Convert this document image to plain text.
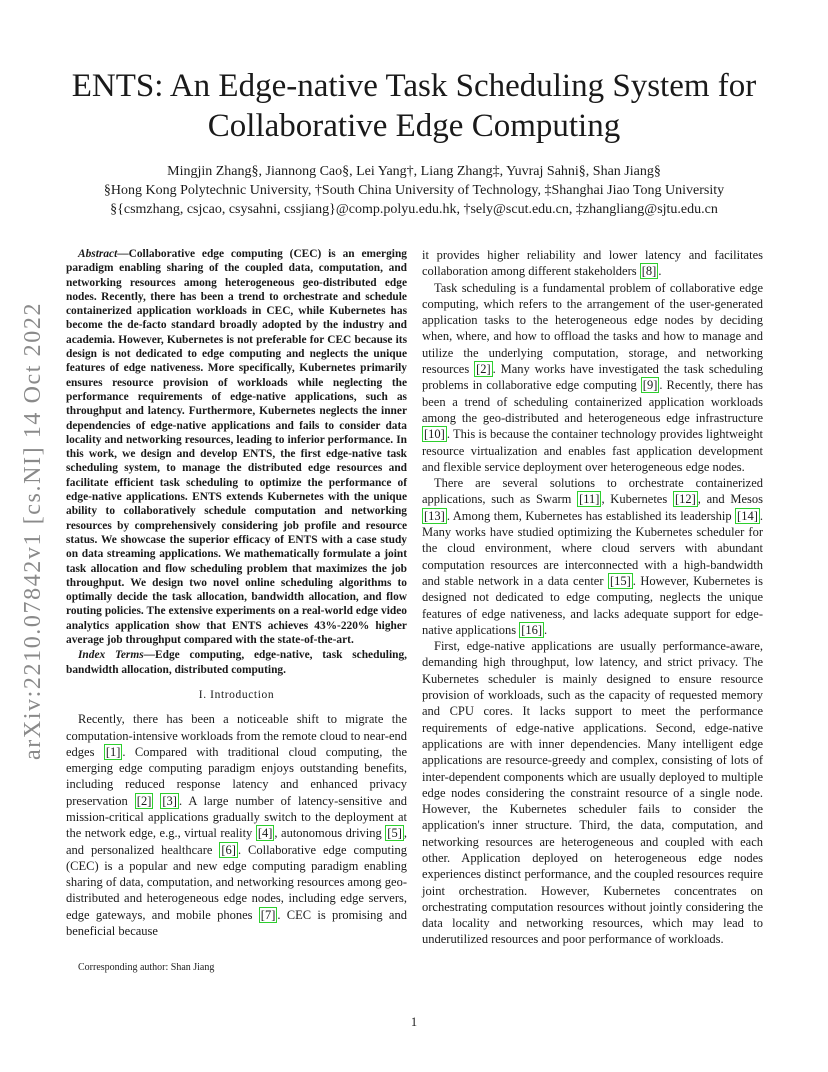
arXiv:2210.07842v1 [cs.NI] 14 Oct 2022
ENTS: An Edge-native Task Scheduling System for
Collaborative Edge Computing
Mingjin Zhang§, Jiannong Cao§, Lei Yang†, Liang Zhang‡, Yuvraj Sahni§, Shan Jiang§
§Hong Kong Polytechnic University, †South China University of Technology, ‡Shanghai Jiao Tong University
§{csmzhang, csjcao, csysahni, cssjiang}@comp.polyu.edu.hk, †sely@scut.edu.cn, ‡zhangliang@sjtu.edu.cn

Abstract—Collaborative edge computing (CEC) is an emerging paradigm enabling sharing of the coupled data, computation, and networking resources among heterogeneous geo-distributed edge nodes. Recently, there has been a trend to orchestrate and schedule containerized application workloads in CEC, while Kubernetes has become the de-facto standard broadly adopted by the industry and academia. However, Kubernetes is not preferable for CEC because its design is not dedicated to edge computing and neglects the unique features of edge nativeness. More specifically, Kubernetes primarily ensures resource provision of workloads while neglecting the performance requirements of edge-native applications, such as throughput and latency. Furthermore, Kubernetes neglects the inner dependencies of edge-native applications and fails to consider data locality and networking resources, leading to inferior performance. In this work, we design and develop ENTS, the first edge-native task scheduling system, to manage the distributed edge resources and facilitate efficient task scheduling to optimize the performance of edge-native applications. ENTS extends Kubernetes with the unique ability to collaboratively schedule computation and networking resources by comprehensively considering job profile and resource status. We showcase the superior efficacy of ENTS with a case study on data streaming applications. We mathematically formulate a joint task allocation and flow scheduling problem that maximizes the job throughput. We design two novel online scheduling algorithms to optimally decide the task allocation, bandwidth allocation, and flow routing policies. The extensive experiments on a real-world edge video analytics application show that ENTS achieves 43%-220% higher average job throughput compared with the state-of-the-art.

Index Terms—Edge computing, edge-native, task scheduling, bandwidth allocation, distributed computing.

I. Introduction

Recently, there has been a noticeable shift to migrate the computation-intensive workloads from the remote cloud to near-end edges [1] . Compared with traditional cloud computing, the emerging edge computing paradigm enjoys outstanding benefits, including reduced response latency and enhanced privacy preservation [2] [3] . A large number of latency-sensitive and mission-critical applications gradually switch to the deployment at the network edge, e.g., virtual reality [4] , autonomous driving [5] , and personalized healthcare [6] . Collaborative edge computing (CEC) is a popular and new edge computing paradigm enabling sharing of data, computation, and networking resources among geo-distributed and heterogeneous edge nodes, including edge servers, edge gateways, and mobile phones [7] . CEC is promising and beneficial because

Corresponding author: Shan Jiang

it provides higher reliability and lower latency and facilitates collaboration among different stakeholders [8] .

Task scheduling is a fundamental problem of collaborative edge computing, which refers to the arrangement of the user-generated application tasks to the heterogeneous edge nodes by deciding when, where, and how to offload the tasks and how to manage and utilize the underlying computation, storage, and networking resources [2] . Many works have investigated the task scheduling problems in collaborative edge computing [9] . Recently, there has been a trend of scheduling containerized application workloads among the geo-distributed and heterogeneous edge infrastructure [10] . This is because the container technology provides lightweight resource virtualization and enables fast application development and flexible service deployment over heterogeneous edge nodes.

There are several solutions to orchestrate containerized applications, such as Swarm [11] , Kubernetes [12] , and Mesos [13] . Among them, Kubernetes has established its leadership [14] . Many works have studied optimizing the Kubernetes scheduler for the cloud environment, where cloud servers with abundant computation resources are interconnected with a high-bandwidth and stable network in a data center [15] . However, Kubernetes is designed not dedicated to edge computing, neglects the unique features of edge nativeness, and lacks adequate support for edge-native applications [16] .

First, edge-native applications are usually performance-aware, demanding high throughput, low latency, and strict privacy. The Kubernetes scheduler is mainly designed to ensure resource provision of workloads, such as the capacity of requested memory and CPU cores. It lacks support to meet the performance requirements of edge-native applications. Second, edge-native applications are with inner dependencies. Many intelligent edge applications are resource-greedy and complex, consisting of lots of inter-dependent components which are usually deployed to multiple edge nodes considering the constraint resource of a single node. However, the Kubernetes scheduler fails to consider the application's inner structure. Third, the data, computation, and networking resources are heterogeneous and coupled with each other. Application deployed on heterogeneous edge nodes experiences distinct performance, and the coupled resources require joint orchestration. However, Kubernetes concentrates on orchestrating computation resources without jointly considering the data locality and networking resources, which may lead to underutilized resources and poor performance of workloads.

1
